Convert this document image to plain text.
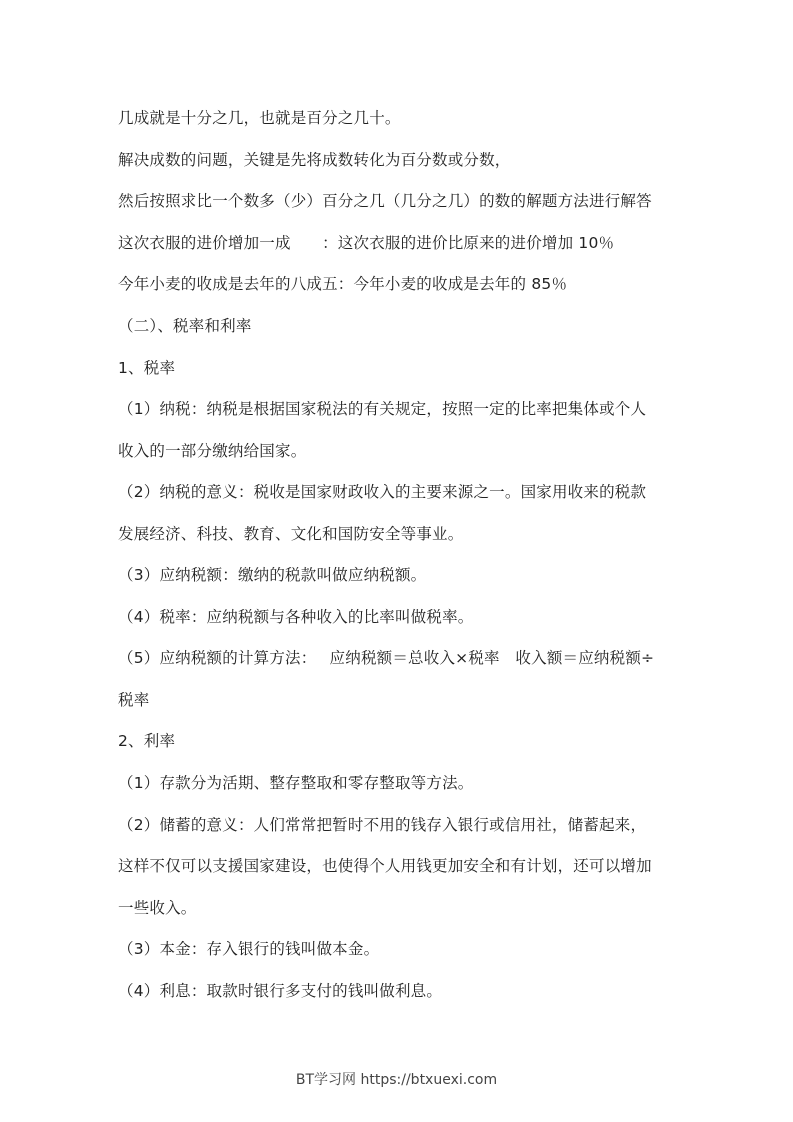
几成就是十分之几，也就是百分之几十。
解决成数的问题，关键是先将成数转化为百分数或分数，
然后按照求比一个数多（少）百分之几（几分之几）的数的解题方法进行解答
这次衣服的进价增加一成　　：这次衣服的进价比原来的进价增加 10％
今年小麦的收成是去年的八成五：今年小麦的收成是去年的 85％
（二）、税率和利率
1、税率
（1）纳税：纳税是根据国家税法的有关规定，按照一定的比率把集体或个人
收入的一部分缴纳给国家。
（2）纳税的意义：税收是国家财政收入的主要来源之一。国家用收来的税款
发展经济、科技、教育、文化和国防安全等事业。
（3）应纳税额：缴纳的税款叫做应纳税额。
（4）税率：应纳税额与各种收入的比率叫做税率。
（5）应纳税额的计算方法：　 应纳税额＝总收入×税率　收入额＝应纳税额÷
税率
2、利率
（1）存款分为活期、整存整取和零存整取等方法。
（2）储蓄的意义：人们常常把暂时不用的钱存入银行或信用社，储蓄起来，
这样不仅可以支援国家建设，也使得个人用钱更加安全和有计划，还可以增加
一些收入。
（3）本金：存入银行的钱叫做本金。
（4）利息：取款时银行多支付的钱叫做利息。
BT学习网 https://btxuexi.com
